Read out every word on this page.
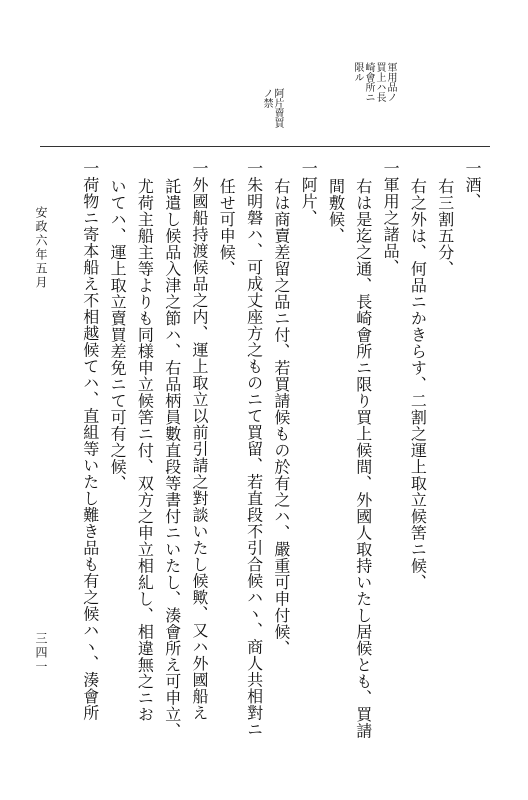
軍用品ノ
買上ハ長
崎會所ニ
限ル
阿片賣買
ノ禁
一酒、
右三割五分、
右之外は、何品ニかきらす、二割之運上取立候筈ニ候、
一軍用之諸品、
右は是迄之通、長崎會所ニ限り買上候間、外國人取持いたし居候とも、買請
間敷候、
一阿片、
右は商賣差留之品ニ付、若買請候もの於有之ハ、嚴重可申付候、
一朱明磐ハ、可成丈座方之ものニて買留、若直段不引合候ハヽ、商人共相對ニ
任せ可申候、
一外國船持渡候品之内、運上取立以前引請之對談いたし候歟、又ハ外國船え
託遣し候品入津之節ハ、右品柄員數直段等書付ニいたし、湊會所え可申立、
尤荷主船主等よりも同様申立候筈ニ付、双方之申立相糺し、相違無之ニお
いてハ、運上取立賣買差免ニて可有之候、
一荷物ニ寄本船え不相越候てハ、直組等いたし難き品も有之候ハヽ、湊會所
安政六年五月
三四一
